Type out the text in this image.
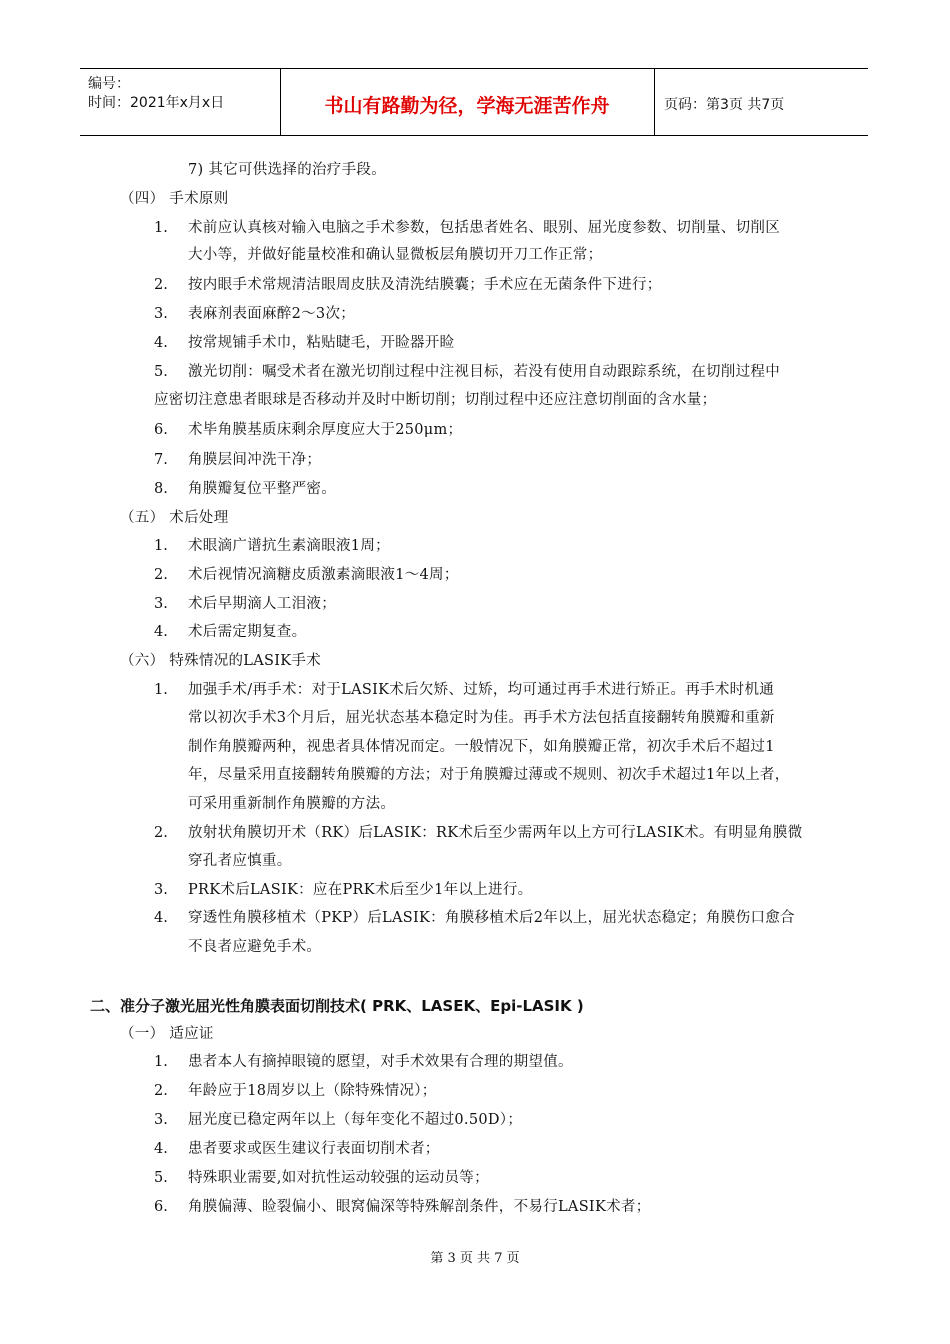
编号：
时间：2021年x月x日	书山有路勤为径，学海无涯苦作舟	页码：第3页 共7页
7) 其它可供选择的治疗手段。
（四） 手术原则
1. 术前应认真核对输入电脑之手术参数，包括患者姓名、眼别、屈光度参数、切削量、切削区
大小等，并做好能量校准和确认显微板层角膜切开刀工作正常；
2. 按内眼手术常规清洁眼周皮肤及清洗结膜囊；手术应在无菌条件下进行；
3. 表麻剂表面麻醉2～3次；
4. 按常规铺手术巾，粘贴睫毛，开睑器开睑
5. 激光切削：嘱受术者在激光切削过程中注视目标，若没有使用自动跟踪系统，在切削过程中
应密切注意患者眼球是否移动并及时中断切削；切削过程中还应注意切削面的含水量；
6. 术毕角膜基质床剩余厚度应大于250μm；
7. 角膜层间冲洗干净；
8. 角膜瓣复位平整严密。
（五） 术后处理
1. 术眼滴广谱抗生素滴眼液1周；
2. 术后视情况滴糖皮质激素滴眼液1～4周；
3. 术后早期滴人工泪液；
4. 术后需定期复查。
（六） 特殊情况的LASIK手术
1. 加强手术/再手术：对于LASIK术后欠矫、过矫，均可通过再手术进行矫正。再手术时机通
常以初次手术3个月后，屈光状态基本稳定时为佳。再手术方法包括直接翻转角膜瓣和重新
制作角膜瓣两种，视患者具体情况而定。一般情况下，如角膜瓣正常，初次手术后不超过1
年，尽量采用直接翻转角膜瓣的方法；对于角膜瓣过薄或不规则、初次手术超过1年以上者，
可采用重新制作角膜瓣的方法。
2. 放射状角膜切开术（RK）后LASIK：RK术后至少需两年以上方可行LASIK术。有明显角膜微
穿孔者应慎重。
3. PRK术后LASIK：应在PRK术后至少1年以上进行。
4. 穿透性角膜移植术（PKP）后LASIK：角膜移植术后2年以上，屈光状态稳定；角膜伤口愈合
不良者应避免手术。
二、准分子激光屈光性角膜表面切削技术( PRK、LASEK、Epi-LASIK )
（一） 适应证
1. 患者本人有摘掉眼镜的愿望，对手术效果有合理的期望值。
2. 年龄应于18周岁以上（除特殊情况）；
3. 屈光度已稳定两年以上（每年变化不超过0.50D）；
4. 患者要求或医生建议行表面切削术者；
5. 特殊职业需要,如对抗性运动较强的运动员等；
6. 角膜偏薄、睑裂偏小、眼窝偏深等特殊解剖条件，不易行LASIK术者；
第 3 页 共 7 页
